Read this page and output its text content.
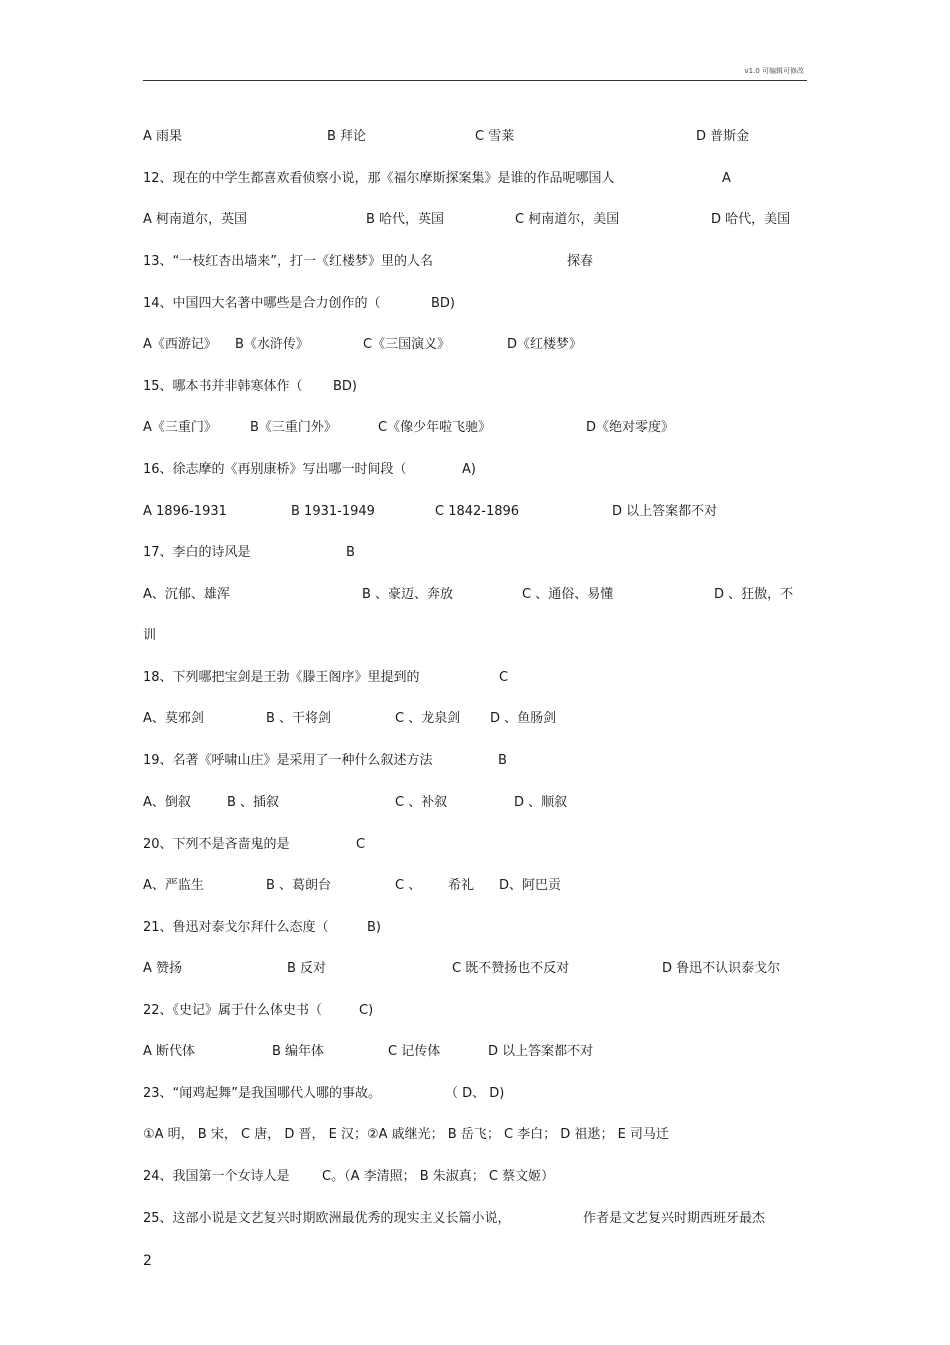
v1.0 可编辑可修改
A 雨果	B 拜论	C 雪莱	D 普斯金
12、现在的中学生都喜欢看侦察小说，那《福尔摩斯探案集》是谁的作品呢哪国人	A
A 柯南道尔，英国	B 哈代，英国	C 柯南道尔，美国	D 哈代，美国
13、“一枝红杏出墙来”，打一《红楼梦》里的人名	探春
14、中国四大名著中哪些是合力创作的（	BD)
A《西游记》 B《水浒传》	C《三国演义》	D《红楼梦》
15、哪本书并非韩寒体作（ BD)
A《三重门》	B《三重门外》	C《像少年啦飞驰》	D《绝对零度》
16、徐志摩的《再别康桥》写出哪一时间段（	A)
A 1896-1931	B 1931-1949	C 1842-1896	D 以上答案都不对
17、李白的诗风是	B
A、沉郁、雄浑	B 、豪迈、奔放	C 、通俗、易懂	D 、狂傲，不
训
18、下列哪把宝剑是王勃《滕王阁序》里提到的	C
A、莫邪剑	B 、干将剑	C 、龙泉剑 D 、鱼肠剑
19、名著《呼啸山庄》是采用了一种什么叙述方法	B
A、倒叙	B 、插叙	C 、补叙	D 、顺叙
20、下列不是吝啬鬼的是	C
A、严监生	B 、葛朗台	C 、 希礼 D、阿巴贡
21、鲁迅对泰戈尔拜什么态度（	B)
A 赞扬	B 反对	C 既不赞扬也不反对	D 鲁迅不认识泰戈尔
22、《史记》属于什么体史书（	C)
A 断代体	B 编年体	C 记传体	D 以上答案都不对
23、“闻鸡起舞”是我国哪代人哪的事故。	（ D、 D)
①A 明， B 宋， C 唐， D 晋， E 汉；②A 戚继光； B 岳飞； C 李白； D 祖逖； E 司马迁
24、我国第一个女诗人是 C。（A 李清照； B 朱淑真； C 蔡文姬）
25、这部小说是文艺复兴时期欧洲最优秀的现实主义长篇小说，	作者是文艺复兴时期西班牙最杰
2
